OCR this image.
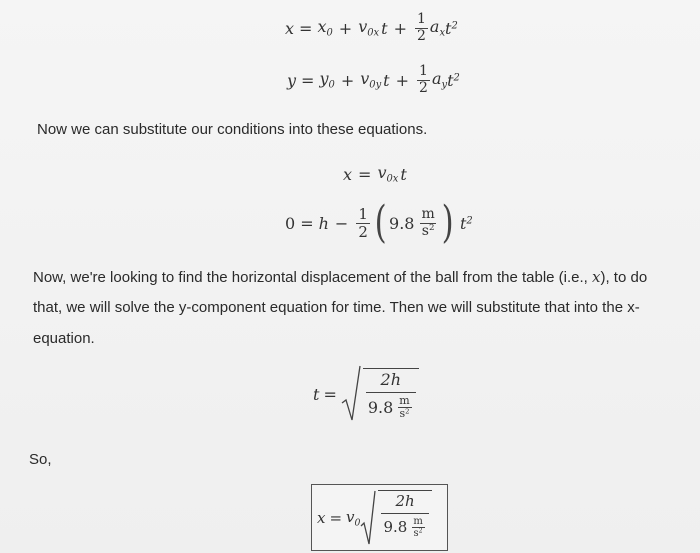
$x = x_0 + v_{0x}$ $t + \frac{1}{2} a_x$ $t^2$
$y = y_0 + v_{0y}$ $t + \frac{1}{2} a_y$ $t^2$
Now we can substitute our conditions into these equations.
$x = v_{0x}$ t
$0 = h - \frac{1}{2}$ ( $9.8 \frac{m}{s^2}$ ) $t^2$
Now, we're looking to find the horizontal displacement of the ball from the table (i.e., x), to do
that, we will solve the y-component equation for time. Then we will substitute that into the x-
equation.
$t = \frac{2h}{9.8 \frac{m}{s^2}}$
So,
$x = v_0 \frac{2h}{9.8 \frac{m}{s^2}}$
